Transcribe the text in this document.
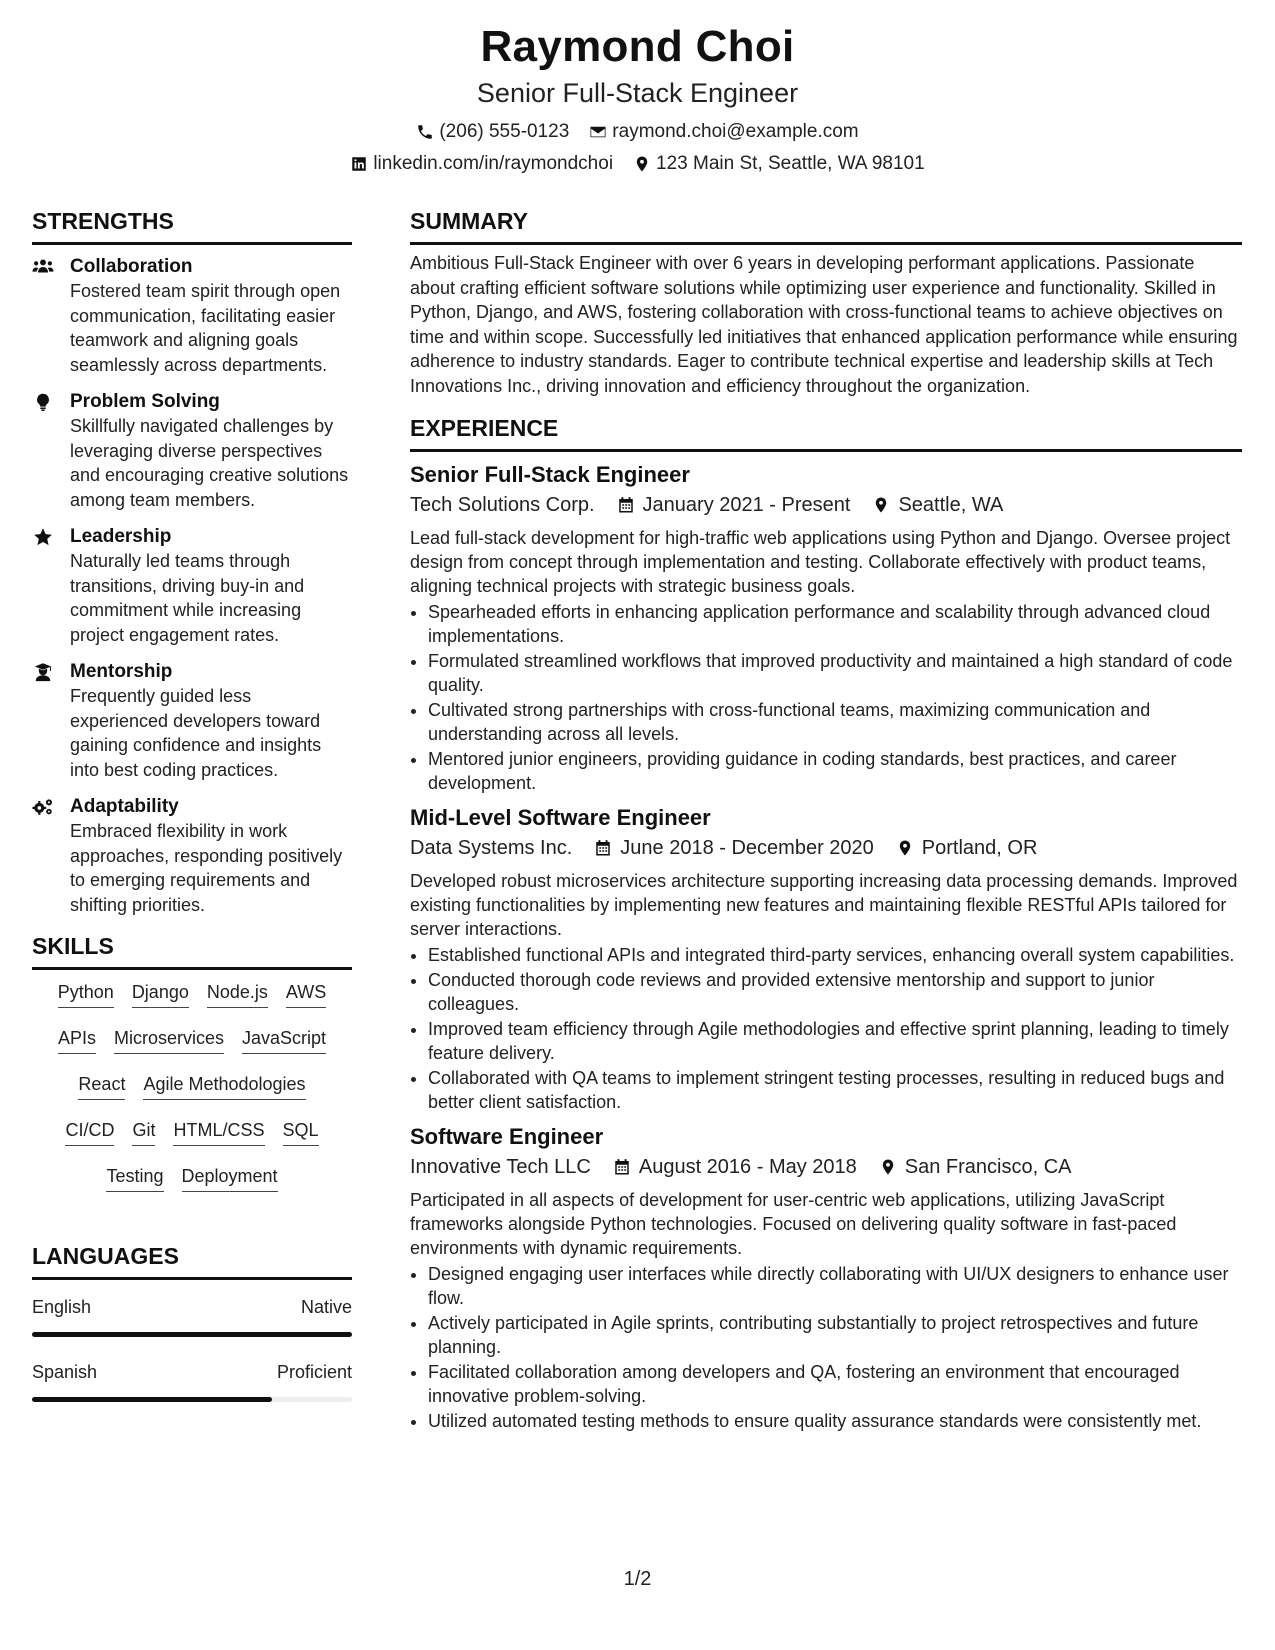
Raymond Choi
Senior Full-Stack Engineer
(206) 555-0123 raymond.choi@example.com
linkedin.com/in/raymondchoi 123 Main St, Seattle, WA 98101
STRENGTHS
Collaboration
Fostered team spirit through open communication, facilitating easier teamwork and aligning goals seamlessly across departments.
Problem Solving
Skillfully navigated challenges by leveraging diverse perspectives and encouraging creative solutions among team members.
Leadership
Naturally led teams through transitions, driving buy-in and commitment while increasing project engagement rates.
Mentorship
Frequently guided less experienced developers toward gaining confidence and insights into best coding practices.
Adaptability
Embraced flexibility in work approaches, responding positively to emerging requirements and shifting priorities.
SKILLS
Python Django Node.js AWS
APIs Microservices JavaScript
React Agile Methodologies
CI/CD Git HTML/CSS SQL
Testing Deployment
LANGUAGES
English	Native
Spanish	Proficient
SUMMARY

Ambitious Full-Stack Engineer with over 6 years in developing performant applications. Passionate about crafting efficient software solutions while optimizing user experience and functionality. Skilled in Python, Django, and AWS, fostering collaboration with cross-functional teams to achieve objectives on time and within scope. Successfully led initiatives that enhanced application performance while ensuring adherence to industry standards. Eager to contribute technical expertise and leadership skills at Tech Innovations Inc., driving innovation and efficiency throughout the organization.

EXPERIENCE
Senior Full-Stack Engineer
Tech Solutions Corp. January 2021 - Present Seattle, WA

Lead full-stack development for high-traffic web applications using Python and Django. Oversee project design from concept through implementation and testing. Collaborate effectively with product teams, aligning technical projects with strategic business goals.

• Spearheaded efforts in enhancing application performance and scalability through advanced cloud implementations.
• Formulated streamlined workflows that improved productivity and maintained a high standard of code quality.
• Cultivated strong partnerships with cross-functional teams, maximizing communication and understanding across all levels.
• Mentored junior engineers, providing guidance in coding standards, best practices, and career development.
Mid-Level Software Engineer
Data Systems Inc. June 2018 - December 2020 Portland, OR

Developed robust microservices architecture supporting increasing data processing demands. Improved existing functionalities by implementing new features and maintaining flexible RESTful APIs tailored for server interactions.

• Established functional APIs and integrated third-party services, enhancing overall system capabilities.
• Conducted thorough code reviews and provided extensive mentorship and support to junior colleagues.
• Improved team efficiency through Agile methodologies and effective sprint planning, leading to timely feature delivery.
• Collaborated with QA teams to implement stringent testing processes, resulting in reduced bugs and better client satisfaction.
Software Engineer
Innovative Tech LLC August 2016 - May 2018 San Francisco, CA

Participated in all aspects of development for user-centric web applications, utilizing JavaScript frameworks alongside Python technologies. Focused on delivering quality software in fast-paced environments with dynamic requirements.

• Designed engaging user interfaces while directly collaborating with UI/UX designers to enhance user flow.
• Actively participated in Agile sprints, contributing substantially to project retrospectives and future planning.
• Facilitated collaboration among developers and QA, fostering an environment that encouraged innovative problem-solving.
• Utilized automated testing methods to ensure quality assurance standards were consistently met.
1/2
